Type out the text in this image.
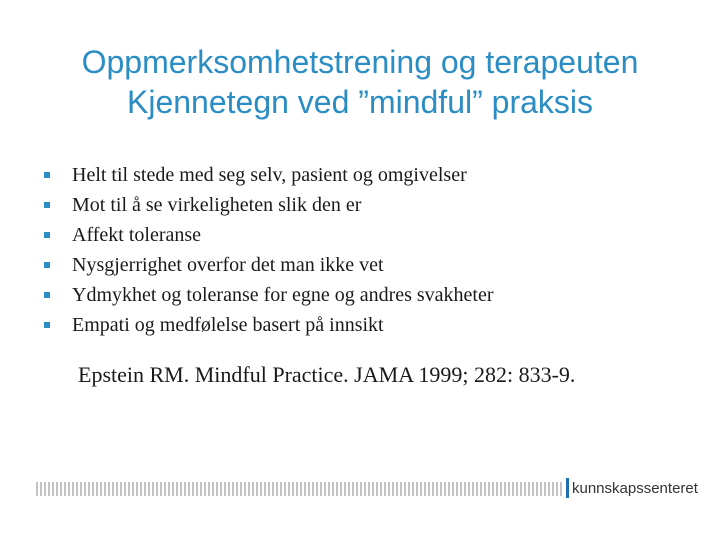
Oppmerksomhetstrening og terapeuten
Kjennetegn ved ”mindful” praksis
Helt til stede med seg selv, pasient og omgivelser
Mot til å se virkeligheten slik den er
Affekt toleranse
Nysgjerrighet overfor det man ikke vet
Ydmykhet og toleranse for egne og andres svakheter
Empati og medfølelse basert på innsikt
Epstein RM. Mindful Practice. JAMA 1999; 282: 833-9.
kunnskapssenteret
